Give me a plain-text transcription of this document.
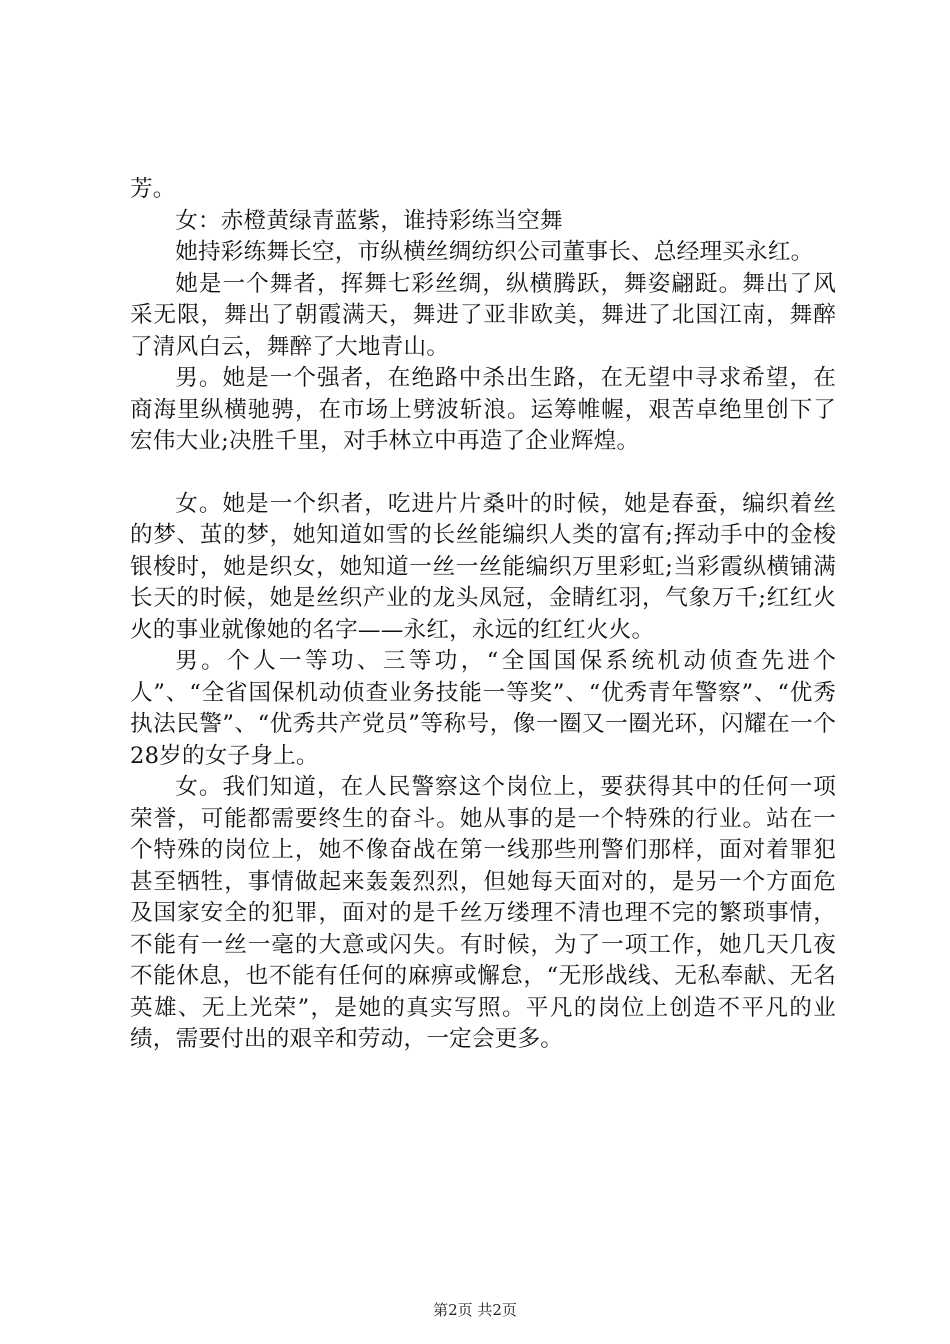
芳。

女：赤橙黄绿青蓝紫，谁持彩练当空舞

她持彩练舞长空，市纵横丝绸纺织公司董事长、总经理买永红。

她是一个舞者，挥舞七彩丝绸，纵横腾跃，舞姿翩跹。舞出了风采无限，舞出了朝霞满天，舞进了亚非欧美，舞进了北国江南，舞醉了清风白云，舞醉了大地青山。

男。她是一个强者，在绝路中杀出生路，在无望中寻求希望，在商海里纵横驰骋，在市场上劈波斩浪。运筹帷幄，艰苦卓绝里创下了宏伟大业;决胜千里，对手林立中再造了企业辉煌。

女。她是一个织者，吃进片片桑叶的时候，她是春蚕，编织着丝的梦、茧的梦，她知道如雪的长丝能编织人类的富有;挥动手中的金梭银梭时，她是织女，她知道一丝一丝能编织万里彩虹;当彩霞纵横铺满长天的时候，她是丝织产业的龙头凤冠，金睛红羽，气象万千;红红火火的事业就像她的名字——永红，永远的红红火火。

男。个人一等功、三等功，“全国国保系统机动侦查先进个人”、“全省国保机动侦查业务技能一等奖”、“优秀青年警察”、“优秀执法民警”、“优秀共产党员”等称号，像一圈又一圈光环，闪耀在一个28岁的女子身上。

女。我们知道，在人民警察这个岗位上，要获得其中的任何一项荣誉，可能都需要终生的奋斗。她从事的是一个特殊的行业。站在一个特殊的岗位上，她不像奋战在第一线那些刑警们那样，面对着罪犯甚至牺牲，事情做起来轰轰烈烈，但她每天面对的，是另一个方面危及国家安全的犯罪，面对的是千丝万缕理不清也理不完的繁琐事情，不能有一丝一毫的大意或闪失。有时候，为了一项工作，她几天几夜不能休息，也不能有任何的麻痹或懈怠，“无形战线、无私奉献、无名英雄、无上光荣”，是她的真实写照。平凡的岗位上创造不平凡的业绩，需要付出的艰辛和劳动，一定会更多。

第2页 共2页
